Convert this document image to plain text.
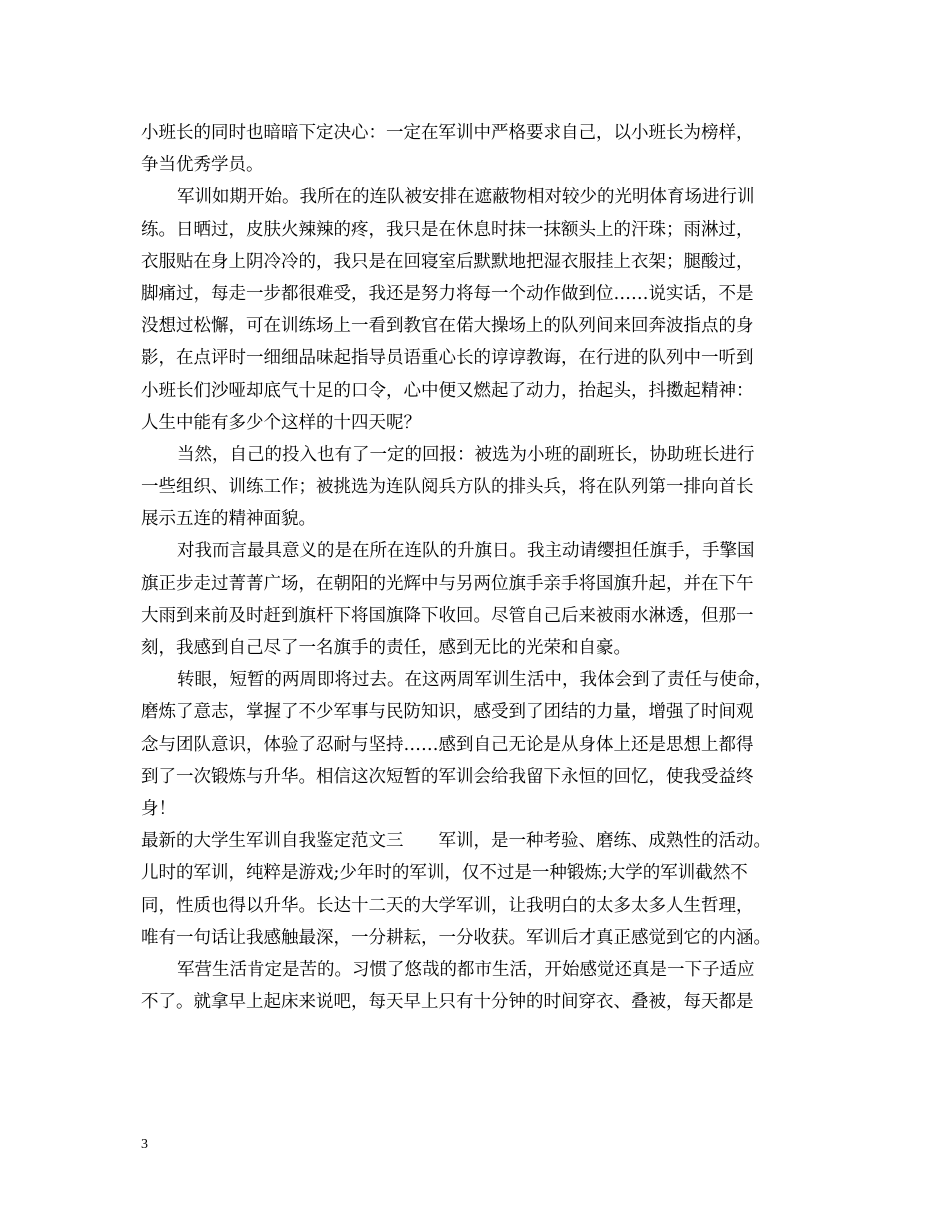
小班长的同时也暗暗下定决心：一定在军训中严格要求自己，以小班长为榜样，
争当优秀学员。
军训如期开始。我所在的连队被安排在遮蔽物相对较少的光明体育场进行训
练。日晒过，皮肤火辣辣的疼，我只是在休息时抹一抹额头上的汗珠；雨淋过，
衣服贴在身上阴冷冷的，我只是在回寝室后默默地把湿衣服挂上衣架；腿酸过，
脚痛过，每走一步都很难受，我还是努力将每一个动作做到位……说实话，不是
没想过松懈，可在训练场上一看到教官在偌大操场上的队列间来回奔波指点的身
影，在点评时一细细品味起指导员语重心长的谆谆教诲，在行进的队列中一听到
小班长们沙哑却底气十足的口令，心中便又燃起了动力，抬起头，抖擞起精神：
人生中能有多少个这样的十四天呢？
当然，自己的投入也有了一定的回报：被选为小班的副班长，协助班长进行
一些组织、训练工作；被挑选为连队阅兵方队的排头兵，将在队列第一排向首长
展示五连的精神面貌。
对我而言最具意义的是在所在连队的升旗日。我主动请缨担任旗手，手擎国
旗正步走过菁菁广场，在朝阳的光辉中与另两位旗手亲手将国旗升起，并在下午
大雨到来前及时赶到旗杆下将国旗降下收回。尽管自己后来被雨水淋透，但那一
刻，我感到自己尽了一名旗手的责任，感到无比的光荣和自豪。
转眼，短暂的两周即将过去。在这两周军训生活中，我体会到了责任与使命，
磨炼了意志，掌握了不少军事与民防知识，感受到了团结的力量，增强了时间观
念与团队意识，体验了忍耐与坚持……感到自己无论是从身体上还是思想上都得
到了一次锻炼与升华。相信这次短暂的军训会给我留下永恒的回忆，使我受益终
身！
最新的大学生军训自我鉴定范文三　　军训，是一种考验、磨练、成熟性的活动。
儿时的军训，纯粹是游戏;少年时的军训，仅不过是一种锻炼;大学的军训截然不
同，性质也得以升华。长达十二天的大学军训，让我明白的太多太多人生哲理，
唯有一句话让我感触最深，一分耕耘，一分收获。军训后才真正感觉到它的内涵。
军营生活肯定是苦的。习惯了悠哉的都市生活，开始感觉还真是一下子适应
不了。就拿早上起床来说吧，每天早上只有十分钟的时间穿衣、叠被，每天都是
3
